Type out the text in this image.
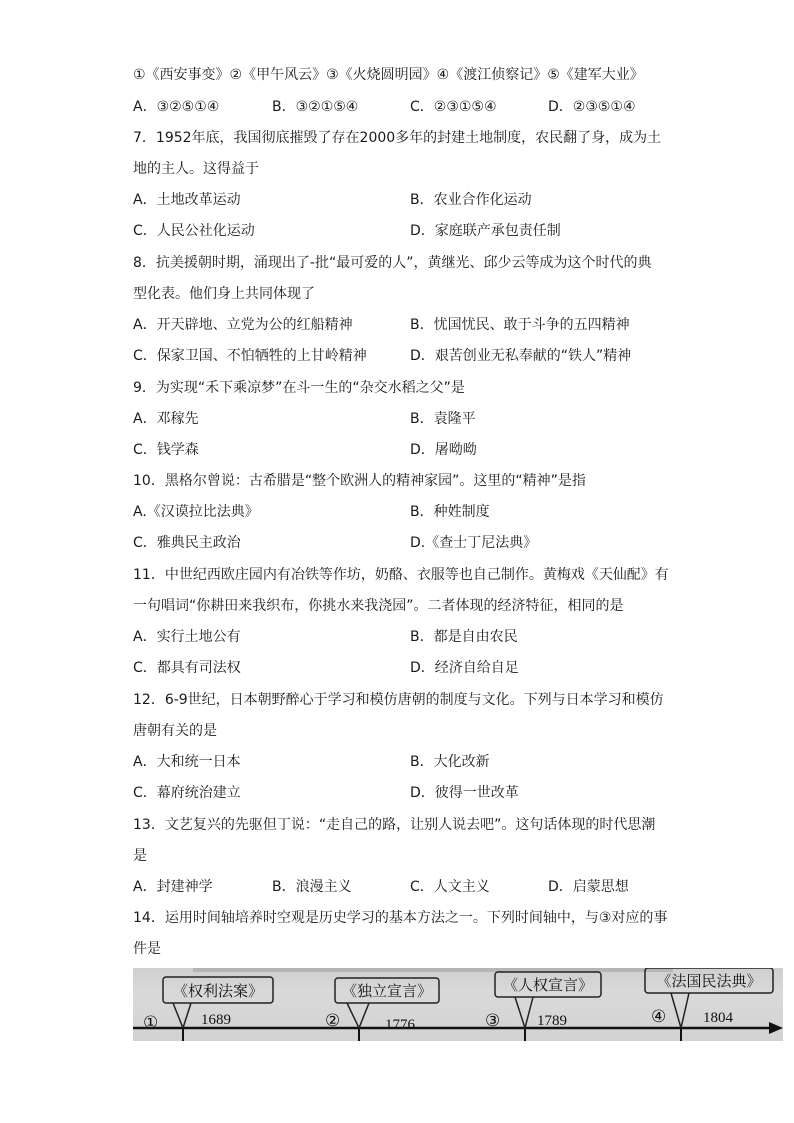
①《西安事变》②《甲午风云》③《火烧圆明园》④《渡江侦察记》⑤《建军大业》
A．③②⑤①④	B．③②①⑤④	C．②③①⑤④	D．②③⑤①④
7．1952年底，我国彻底摧毁了存在2000多年的封建土地制度，农民翻了身，成为土
地的主人。这得益于
A．土地改革运动	B．农业合作化运动
C．人民公社化运动	D．家庭联产承包责任制
8．抗美援朝时期，涌现出了-批“最可爱的人”，黄继光、邱少云等成为这个时代的典
型化表。他们身上共同体现了
A．开天辟地、立党为公的红船精神	B．忧国忧民、敢于斗争的五四精神
C．保家卫国、不怕牺牲的上甘岭精神	D．艰苦创业无私奉献的“铁人”精神
9．为实现“禾下乘凉梦”在斗一生的“杂交水稻之父”是
A．邓稼先	B．袁隆平
C．钱学森	D．屠呦呦
10．黑格尔曾说：古希腊是“整个欧洲人的精神家园”。这里的“精神”是指
A.《汉谟拉比法典》	B．种姓制度
C．雅典民主政治	D.《查士丁尼法典》
11．中世纪西欧庄园内有冶铁等作坊，奶酪、衣服等也自己制作。黄梅戏《天仙配》有
一句唱词“你耕田来我织布，你挑水来我浇园”。二者体现的经济特征，相同的是
A．实行土地公有	B．都是自由农民
C．都具有司法权	D．经济自给自足
12．6-9世纪，日本朝野醉心于学习和模仿唐朝的制度与文化。下列与日本学习和模仿
唐朝有关的是
A．大和统一日本	B．大化改新
C．幕府统治建立	D．彼得一世改革
13．文艺复兴的先驱但丁说：“走自己的路，让别人说去吧”。这句话体现的时代思潮
是
A．封建神学	B．浪漫主义	C．人文主义	D．启蒙思想
14．运用时间轴培养时空观是历史学习的基本方法之一。下列时间轴中，与③对应的事
件是
①
《权利法案》
1689	②
《独立宣言》
1776	③
《人权宣言》
1789	④
《法国民法典》
1804
